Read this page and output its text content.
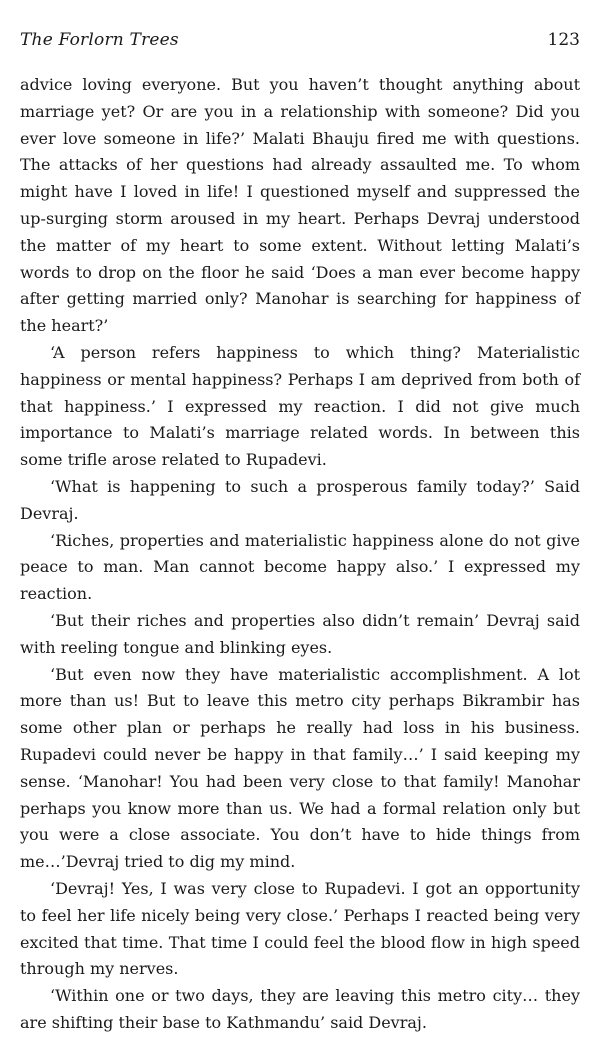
The Forlorn Trees	123

advice loving everyone. But you haven’t thought anything about marriage yet? Or are you in a relationship with someone? Did you ever love someone in life?’ Malati Bhauju fired me with questions. The attacks of her questions had already assaulted me. To whom might have I loved in life! I questioned myself and suppressed the up-surging storm aroused in my heart. Perhaps Devraj understood the matter of my heart to some extent. Without letting Malati’s words to drop on the floor he said ‘Does a man ever become happy after getting married only? Manohar is searching for happiness of the heart?’

‘A person refers happiness to which thing? Materialistic happiness or mental happiness? Perhaps I am deprived from both of that happiness.’ I expressed my reaction. I did not give much importance to Malati’s marriage related words. In between this some trifle arose related to Rupadevi.

‘What is happening to such a prosperous family today?’ Said Devraj.

‘Riches, properties and materialistic happiness alone do not give peace to man. Man cannot become happy also.’ I expressed my reaction.

‘But their riches and properties also didn’t remain’ Devraj said with reeling tongue and blinking eyes.

‘But even now they have materialistic accomplishment. A lot more than us! But to leave this metro city perhaps Bikrambir has some other plan or perhaps he really had loss in his business. Rupadevi could never be happy in that family…’ I said keeping my sense. ‘Manohar! You had been very close to that family! Manohar perhaps you know more than us. We had a formal relation only but you were a close associate. You don’t have to hide things from me…’Devraj tried to dig my mind.

‘Devraj! Yes, I was very close to Rupadevi. I got an opportunity to feel her life nicely being very close.’ Perhaps I reacted being very excited that time. That time I could feel the blood flow in high speed through my nerves.

‘Within one or two days, they are leaving this metro city… they are shifting their base to Kathmandu’ said Devraj.
